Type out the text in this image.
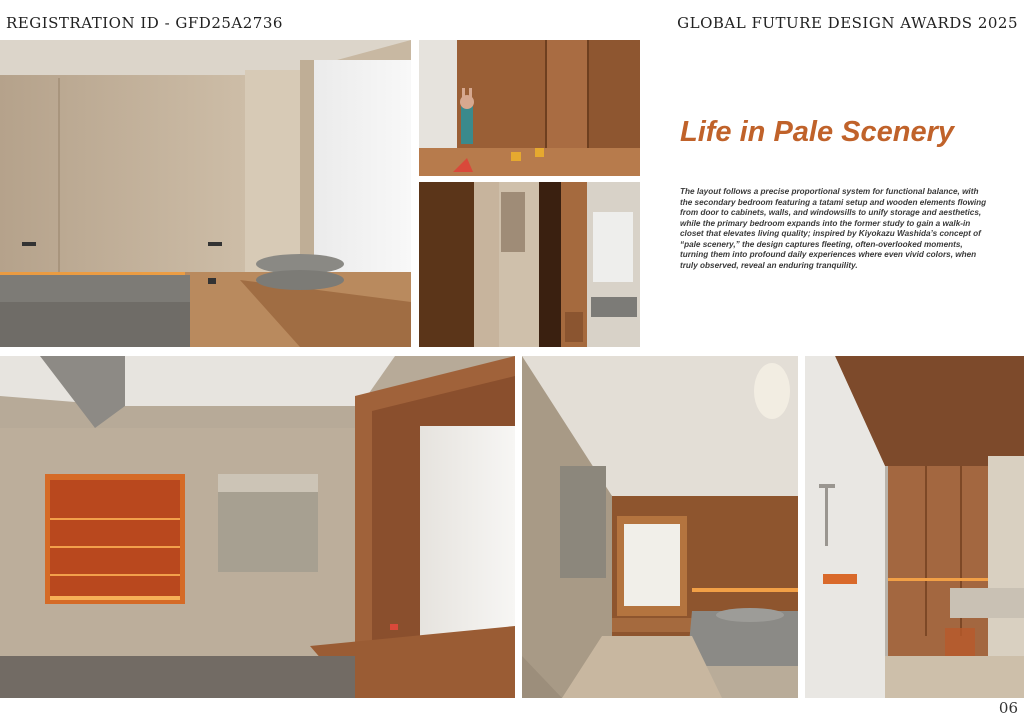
REGISTRATION ID - GFD25A2736	GLOBAL FUTURE DESIGN AWARDS 2025
Life in Pale Scenery

The layout follows a precise proportional system for functional balance, with the secondary bedroom featuring a tatami setup and wooden elements flowing from door to cabinets, walls, and windowsills to unify storage and aesthetics, while the primary bedroom expands into the former study to gain a walk-in closet that elevates living quality; inspired by Kiyokazu Washida’s concept of “pale scenery,” the design captures fleeting, often-overlooked moments, turning them into profound daily experiences where even vivid colors, when truly observed, reveal an enduring tranquility.

06
